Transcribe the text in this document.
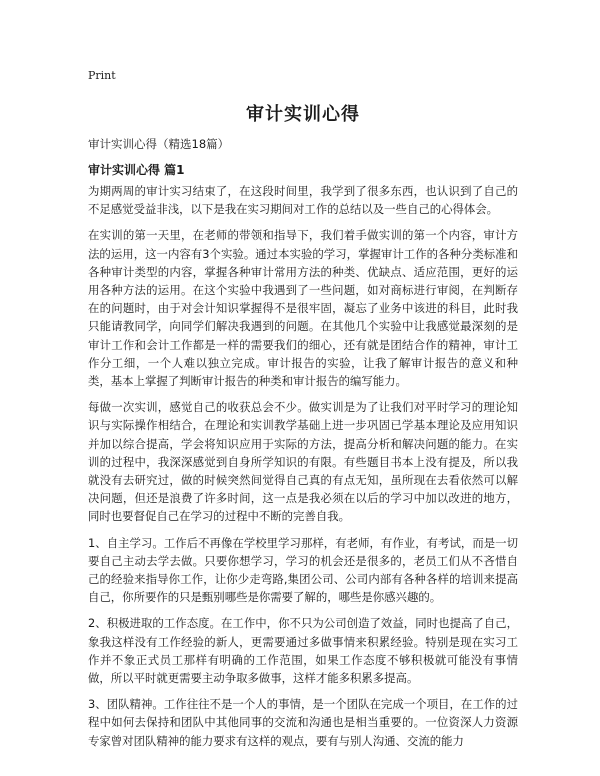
Print
审计实训心得
审计实训心得（精选18篇）
审计实训心得 篇1

为期两周的审计实习结束了，在这段时间里，我学到了很多东西，也认识到了自己的不足感觉受益非浅，以下是我在实习期间对工作的总结以及一些自己的心得体会。

在实训的第一天里，在老师的带领和指导下，我们着手做实训的第一个内容，审计方法的运用，这一内容有3个实验。通过本实验的学习，掌握审计工作的各种分类标准和各种审计类型的内容，掌握各种审计常用方法的种类、优缺点、适应范围，更好的运用各种方法的运用。在这个实验中我遇到了一些问题，如对商标进行审阅，在判断存在的问题时，由于对会计知识掌握得不是很牢固，凝忘了业务中该进的科目，此时我只能请教同学，向同学们解决我遇到的问题。在其他几个实验中让我感觉最深刻的是审计工作和会计工作都是一样的需要我们的细心，还有就是团结合作的精神，审计工作分工细，一个人难以独立完成。审计报告的实验，让我了解审计报告的意义和种类，基本上掌握了判断审计报告的种类和审计报告的编写能力。

每做一次实训，感觉自己的收获总会不少。做实训是为了让我们对平时学习的理论知识与实际操作相结合，在理论和实训教学基础上进一步巩固已学基本理论及应用知识并加以综合提高，学会将知识应用于实际的方法，提高分析和解决问题的能力。在实训的过程中，我深深感觉到自身所学知识的有限。有些题目书本上没有提及，所以我就没有去研究过，做的时候突然间觉得自己真的有点无知，虽所现在去看依然可以解决问题，但还是浪费了许多时间，这一点是我必须在以后的学习中加以改进的地方，同时也要督促自己在学习的过程中不断的完善自我。

1、自主学习。工作后不再像在学校里学习那样，有老师，有作业，有考试，而是一切要自己主动去学去做。只要你想学习，学习的机会还是很多的，老员工们从不吝惜自己的经验来指导你工作，让你少走弯路,集团公司、公司内部有各种各样的培训来提高自己，你所要作的只是甄别哪些是你需要了解的，哪些是你感兴趣的。

2、积极进取的工作态度。在工作中，你不只为公司创造了效益，同时也提高了自己，象我这样没有工作经验的新人，更需要通过多做事情来积累经验。特别是现在实习工作并不象正式员工那样有明确的工作范围，如果工作态度不够积极就可能没有事情做，所以平时就更需要主动争取多做事，这样才能多积累多提高。

3、团队精神。工作往往不是一个人的事情，是一个团队在完成一个项目，在工作的过程中如何去保持和团队中其他同事的交流和沟通也是相当重要的。一位资深人力资源专家曾对团队精神的能力要求有这样的观点，要有与别人沟通、交流的能力
